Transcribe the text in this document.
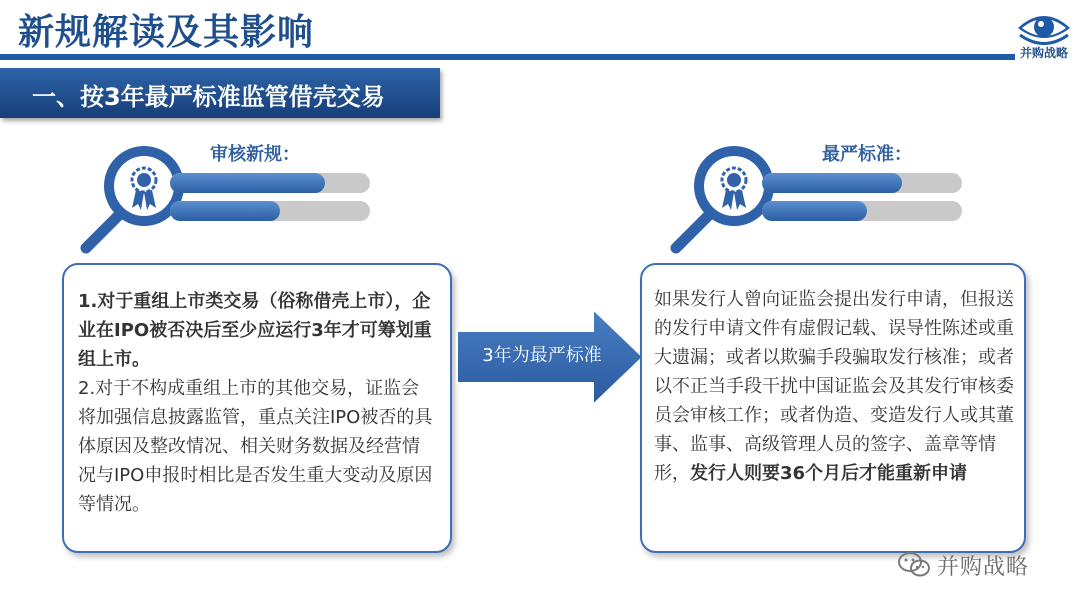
新规解读及其影响	并购战略
一、按3年最严标准监管借壳交易
审核新规：	最严标准：

1.对于重组上市类交易（俗称借壳上市），企业在IPO被否决后至少应运行3年才可筹划重组上市。

2.对于不构成重组上市的其他交易，证监会将加强信息披露监管，重点关注IPO被否的具体原因及整改情况、相关财务数据及经营情况与IPO申报时相比是否发生重大变动及原因等情况。

3年为最严标准

如果发行人曾向证监会提出发行申请，但报送的发行申请文件有虚假记载、误导性陈述或重大遗漏；或者以欺骗手段骗取发行核准；或者以不正当手段干扰中国证监会及其发行审核委员会审核工作；或者伪造、变造发行人或其董事、监事、高级管理人员的签字、盖章等情形，发行人则要36个月后才能重新申请

并购战略
